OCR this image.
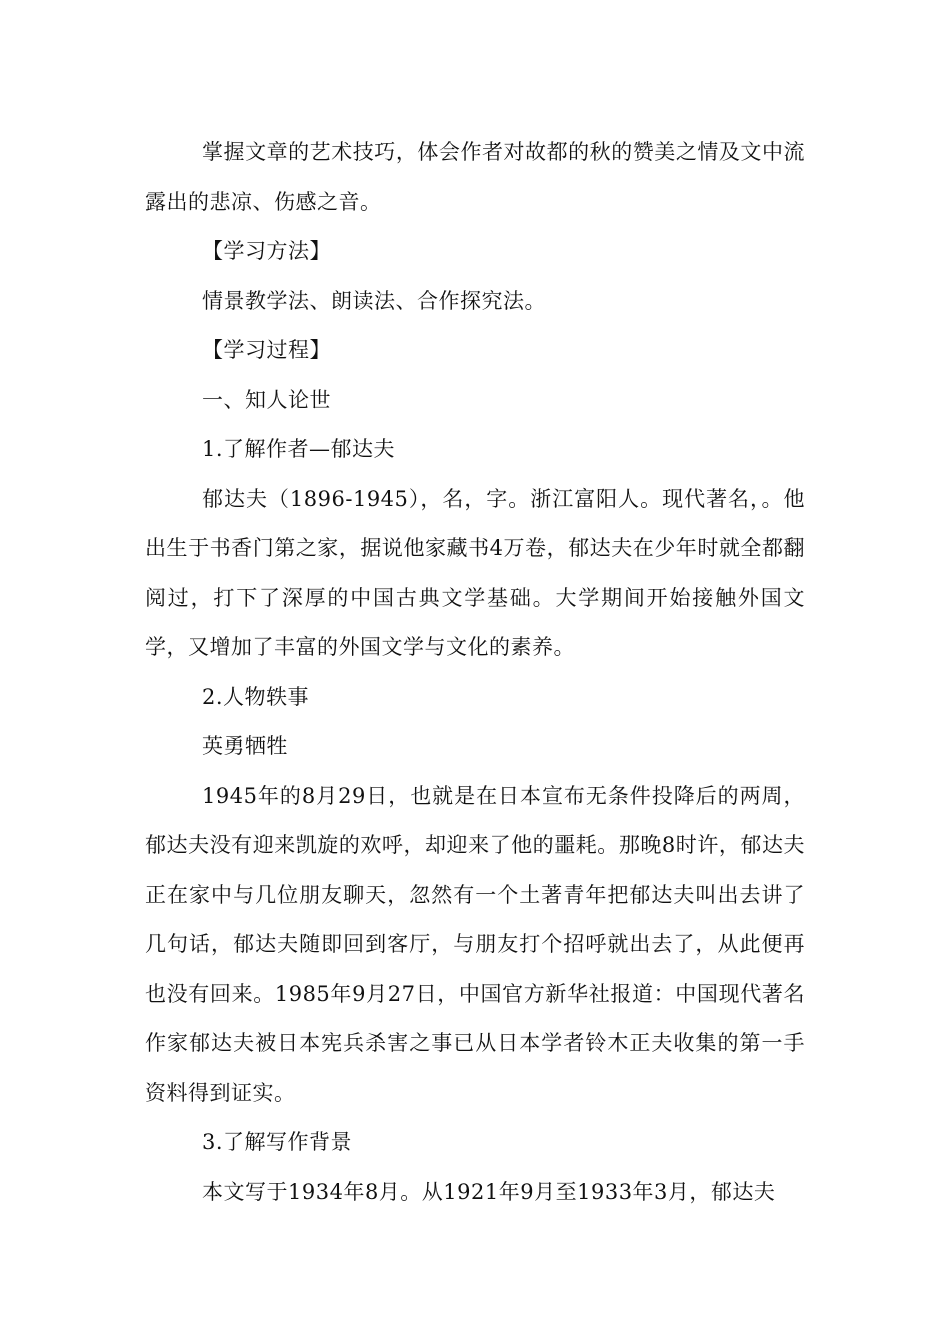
掌握文章的艺术技巧，体会作者对故都的秋的赞美之情及文中流露出的悲凉、伤感之音。

【学习方法】

情景教学法、朗读法、合作探究法。

【学习过程】

一、知人论世

1.了解作者—郁达夫

郁达夫（1896-1945），名，字。浙江富阳人。现代著名，。他出生于书香门第之家，据说他家藏书4万卷，郁达夫在少年时就全都翻阅过，打下了深厚的中国古典文学基础。大学期间开始接触外国文学，又增加了丰富的外国文学与文化的素养。

2.人物轶事

英勇牺牲

1945年的8月29日，也就是在日本宣布无条件投降后的两周，郁达夫没有迎来凯旋的欢呼，却迎来了他的噩耗。那晚8时许，郁达夫正在家中与几位朋友聊天，忽然有一个土著青年把郁达夫叫出去讲了几句话，郁达夫随即回到客厅，与朋友打个招呼就出去了，从此便再也没有回来。1985年9月27日，中国官方新华社报道：中国现代著名作家郁达夫被日本宪兵杀害之事已从日本学者铃木正夫收集的第一手资料得到证实。

3.了解写作背景

本文写于1934年8月。从1921年9月至1933年3月，郁达夫
